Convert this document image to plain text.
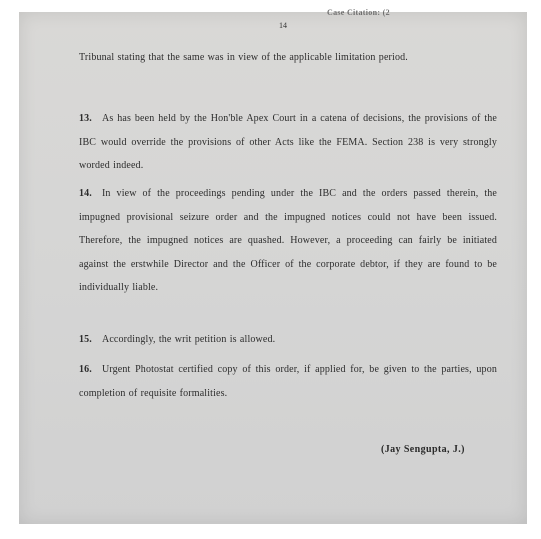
Case Citation: (2
14
Tribunal stating that the same was in view of the applicable limitation period.
13. As has been held by the Hon'ble Apex Court in a catena of decisions, the provisions of the IBC would override the provisions of other Acts like the FEMA. Section 238 is very strongly worded indeed.
14. In view of the proceedings pending under the IBC and the orders passed therein, the impugned provisional seizure order and the impugned notices could not have been issued. Therefore, the impugned notices are quashed. However, a proceeding can fairly be initiated against the erstwhile Director and the Officer of the corporate debtor, if they are found to be individually liable.
15. Accordingly, the writ petition is allowed.
16. Urgent Photostat certified copy of this order, if applied for, be given to the parties, upon completion of requisite formalities.
(Jay Sengupta, J.)
